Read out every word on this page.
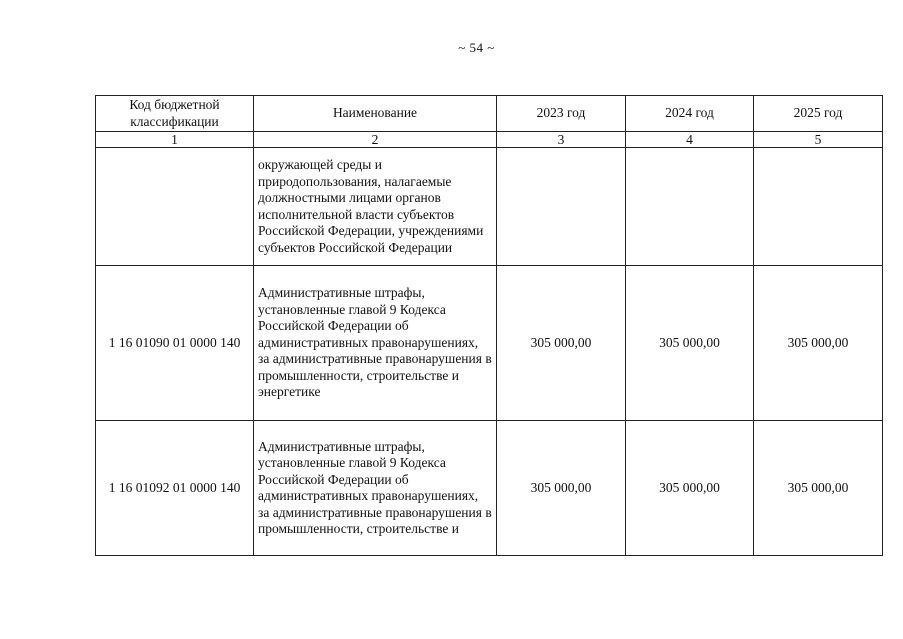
~ 54 ~
Код бюджетной классификации	Наименование	2023 год	2024 год	2025 год
1	2	3	4	5

	окружающей среды и природопользования, налагаемые должностными лицами органов исполнительной власти субъектов Российской Федерации, учреждениями субъектов Российской Федерации			

1 16 01090 01 0000 140	Административные штрафы, установленные главой 9 Кодекса Российской Федерации об административных правонарушениях, за административные правонарушения в промышленности, строительстве и энергетике	305 000,00	305 000,00	305 000,00
1 16 01092 01 0000 140	Административные штрафы, установленные главой 9 Кодекса Российской Федерации об административных правонарушениях, за административные правонарушения в промышленности, строительстве и	305 000,00	305 000,00	305 000,00
